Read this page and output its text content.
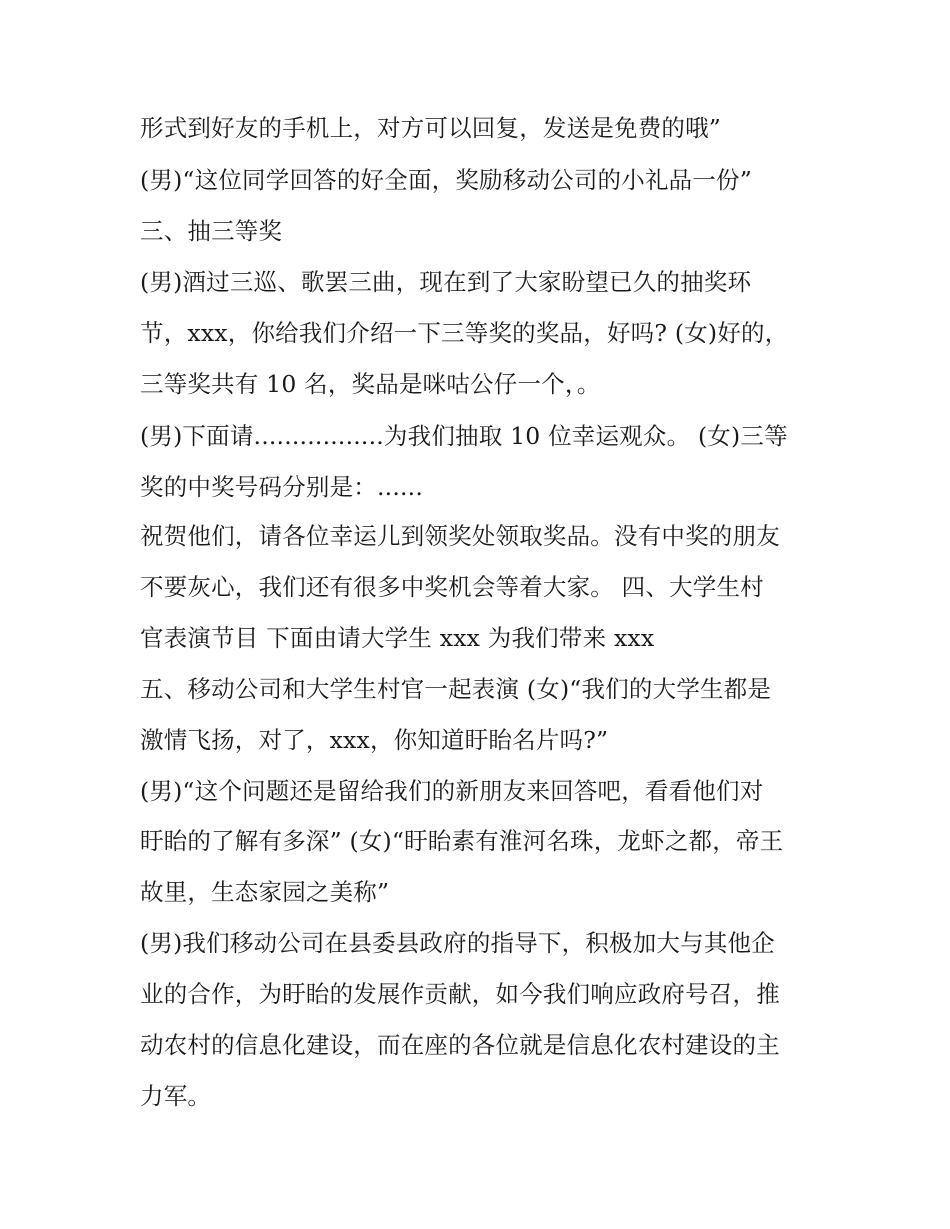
形式到好友的手机上，对方可以回复，发送是免费的哦”
(男)“这位同学回答的好全面，奖励移动公司的小礼品一份”
三、抽三等奖
(男)酒过三巡、歌罢三曲，现在到了大家盼望已久的抽奖环
节，xxx，你给我们介绍一下三等奖的奖品，好吗? (女)好的，
三等奖共有 10 名，奖品是咪咕公仔一个，。
(男)下面请.................为我们抽取 10 位幸运观众。 (女)三等
奖的中奖号码分别是：......
祝贺他们，请各位幸运儿到领奖处领取奖品。没有中奖的朋友
不要灰心，我们还有很多中奖机会等着大家。 四、大学生村
官表演节目 下面由请大学生 xxx 为我们带来 xxx
五、移动公司和大学生村官一起表演 (女)“我们的大学生都是
激情飞扬，对了，xxx，你知道盱眙名片吗?”
(男)“这个问题还是留给我们的新朋友来回答吧，看看他们对
盱眙的了解有多深” (女)“盱眙素有淮河名珠，龙虾之都，帝王
故里，生态家园之美称”
(男)我们移动公司在县委县政府的指导下，积极加大与其他企
业的合作，为盱眙的发展作贡献，如今我们响应政府号召，推
动农村的信息化建设，而在座的各位就是信息化农村建设的主
力军。
